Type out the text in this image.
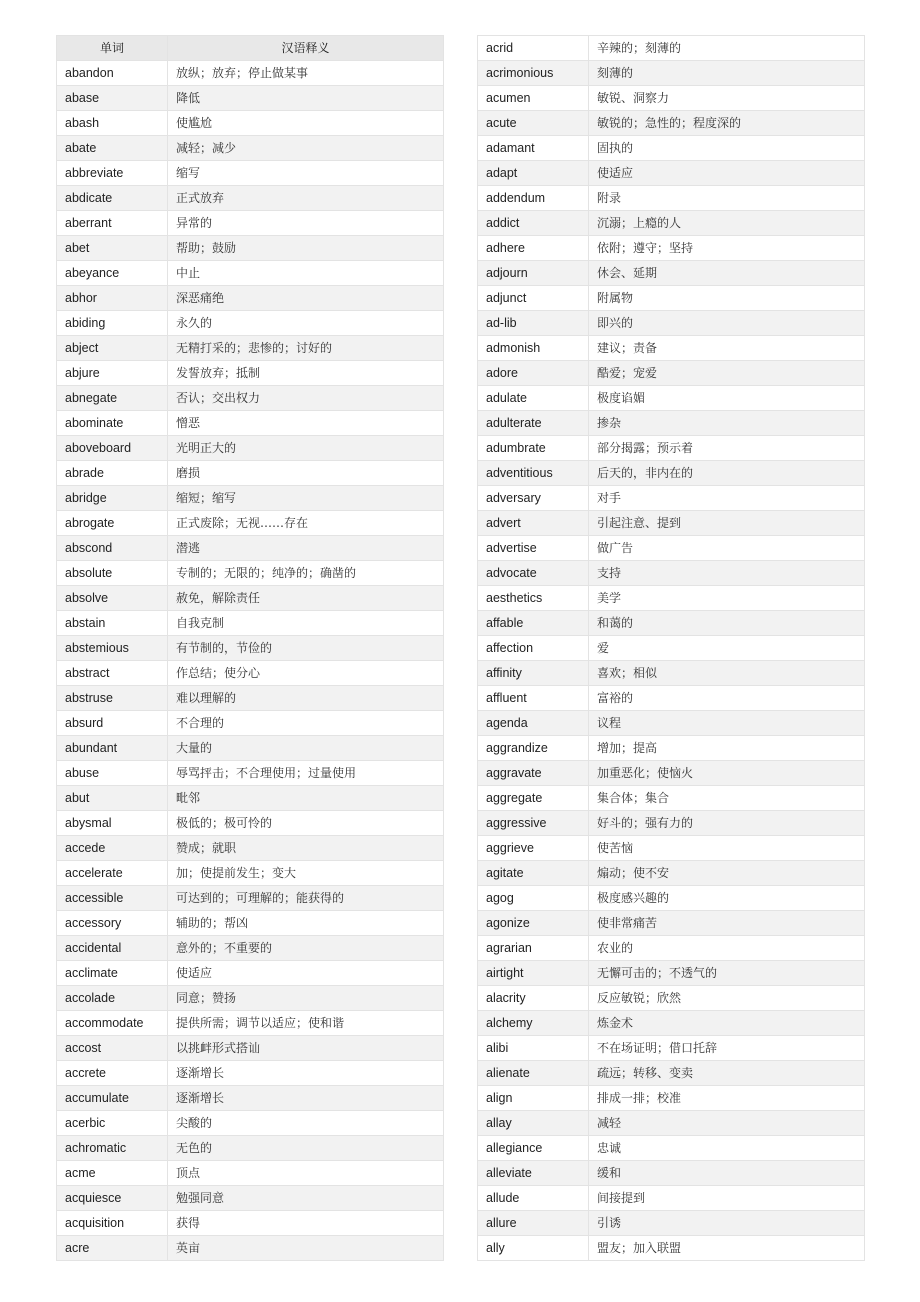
单词	汉语释义
abandon	放纵；放弃；停止做某事
abase	降低
abash	使尴尬
abate	减轻；减少
abbreviate	缩写
abdicate	正式放弃
aberrant	异常的
abet	帮助；鼓励
abeyance	中止
abhor	深恶痛绝
abiding	永久的
abject	无精打采的；悲惨的；讨好的
abjure	发誓放弃；抵制
abnegate	否认；交出权力
abominate	憎恶
aboveboard	光明正大的
abrade	磨损
abridge	缩短；缩写
abrogate	正式废除；无视……存在
abscond	潜逃
absolute	专制的；无限的；纯净的；确凿的
absolve	赦免，解除责任
abstain	自我克制
abstemious	有节制的，节俭的
abstract	作总结；使分心
abstruse	难以理解的
absurd	不合理的
abundant	大量的
abuse	辱骂抨击；不合理使用；过量使用
abut	毗邻
abysmal	极低的；极可怜的
accede	赞成；就职
accelerate	加；使提前发生；变大
accessible	可达到的；可理解的；能获得的
accessory	辅助的；帮凶
accidental	意外的；不重要的
acclimate	使适应
accolade	同意；赞扬
accommodate	提供所需；调节以适应；使和谐
accost	以挑衅形式搭讪
accrete	逐渐增长
accumulate	逐渐增长
acerbic	尖酸的
achromatic	无色的
acme	顶点
acquiesce	勉强同意
acquisition	获得
acre	英亩
acrid	辛辣的；刻薄的
acrimonious	刻薄的
acumen	敏锐、洞察力
acute	敏锐的；急性的；程度深的
adamant	固执的
adapt	使适应
addendum	附录
addict	沉溺；上瘾的人
adhere	依附；遵守；坚持
adjourn	休会、延期
adjunct	附属物
ad-lib	即兴的
admonish	建议；责备
adore	酷爱；宠爱
adulate	极度谄媚
adulterate	掺杂
adumbrate	部分揭露；预示着
adventitious	后天的，非内在的
adversary	对手
advert	引起注意、提到
advertise	做广告
advocate	支持
aesthetics	美学
affable	和蔼的
affection	爱
affinity	喜欢；相似
affluent	富裕的
agenda	议程
aggrandize	增加；提高
aggravate	加重恶化；使恼火
aggregate	集合体；集合
aggressive	好斗的；强有力的
aggrieve	使苦恼
agitate	煽动；使不安
agog	极度感兴趣的
agonize	使非常痛苦
agrarian	农业的
airtight	无懈可击的；不透气的
alacrity	反应敏锐；欣然
alchemy	炼金术
alibi	不在场证明；借口托辞
alienate	疏远；转移、变卖
align	排成一排；校准
allay	减轻
allegiance	忠诚
alleviate	缓和
allude	间接提到
allure	引诱
ally	盟友；加入联盟
